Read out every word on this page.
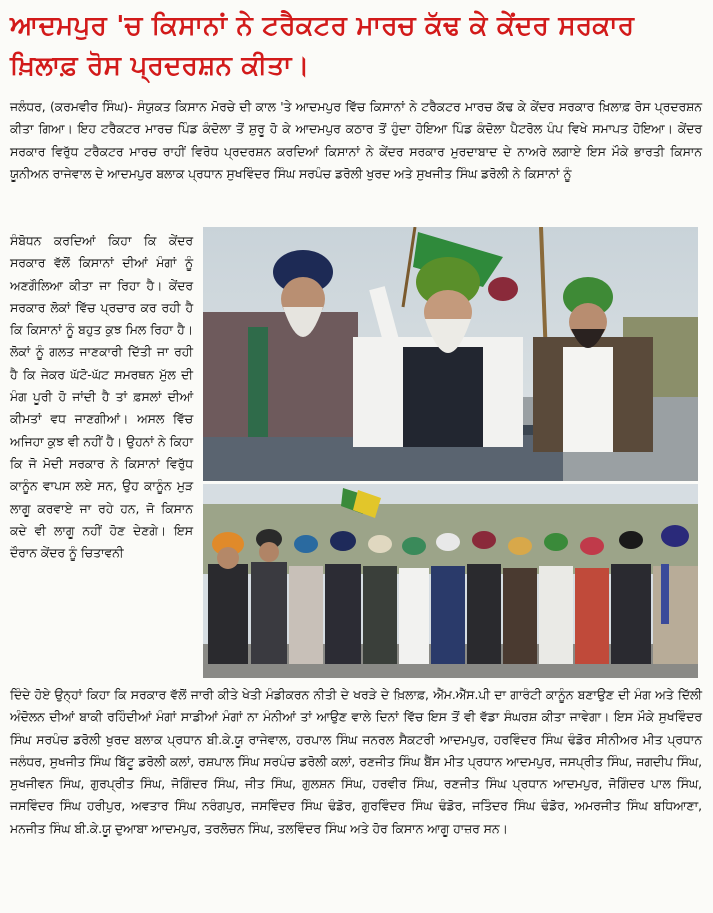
ਆਦਮਪੁਰ 'ਚ ਕਿਸਾਨਾਂ ਨੇ ਟਰੈਕਟਰ ਮਾਰਚ ਕੱਢ ਕੇ ਕੇਂਦਰ ਸਰਕਾਰ ਖ਼ਿਲਾਫ਼ ਰੋਸ ਪ੍ਰਦਰਸ਼ਨ ਕੀਤਾ।
ਜਲੰਧਰ, (ਕਰਮਵੀਰ ਸਿੰਘ)- ਸੰਯੁਕਤ ਕਿਸਾਨ ਮੋਰਚੇ ਦੀ ਕਾਲ 'ਤੇ ਆਦਮਪੁਰ ਵਿੱਚ ਕਿਸਾਨਾਂ ਨੇ ਟਰੈਕਟਰ ਮਾਰਚ ਕੱਢ ਕੇ ਕੇਂਦਰ ਸਰਕਾਰ ਖ਼ਿਲਾਫ਼ ਰੋਸ ਪ੍ਰਦਰਸ਼ਨ ਕੀਤਾ ਗਿਆ। ਇਹ ਟਰੈਕਟਰ ਮਾਰਚ ਪਿੰਡ ਕੰਦੋਲਾ ਤੋਂ ਸ਼ੁਰੂ ਹੋ ਕੇ ਆਦਮਪੁਰ ਕਠਾਰ ਤੋਂ ਹੁੰਦਾ ਹੋਇਆ ਪਿੰਡ ਕੰਦੋਲਾ ਪੈਟਰੋਲ ਪੰਪ ਵਿਖੇ ਸਮਾਪਤ ਹੋਇਆ। ਕੇਂਦਰ ਸਰਕਾਰ ਵਿਰੁੱਧ ਟਰੈਕਟਰ ਮਾਰਚ ਰਾਹੀਂ ਵਿਰੋਧ ਪ੍ਰਦਰਸ਼ਨ ਕਰਦਿਆਂ ਕਿਸਾਨਾਂ ਨੇ ਕੇਂਦਰ ਸਰਕਾਰ ਮੁਰਦਾਬਾਦ ਦੇ ਨਾਅਰੇ ਲਗਾਏ ਇਸ ਮੌਕੇ ਭਾਰਤੀ ਕਿਸਾਨ ਯੂਨੀਅਨ ਰਾਜੇਵਾਲ ਦੇ ਆਦਮਪੁਰ ਬਲਾਕ ਪ੍ਰਧਾਨ ਸੁਖਵਿੰਦਰ ਸਿੰਘ ਸਰਪੰਚ ਡਰੋਲੀ ਖੁਰਦ ਅਤੇ ਸੁਖਜੀਤ ਸਿੰਘ ਡਰੋਲੀ ਨੇ ਕਿਸਾਨਾਂ ਨੂੰ
ਸੰਬੋਧਨ ਕਰਦਿਆਂ ਕਿਹਾ ਕਿ ਕੇਂਦਰ ਸਰਕਾਰ ਵੱਲੋਂ ਕਿਸਾਨਾਂ ਦੀਆਂ ਮੰਗਾਂ ਨੂੰ ਅਣਗੌਲਿਆ ਕੀਤਾ ਜਾ ਰਿਹਾ ਹੈ। ਕੇਂਦਰ ਸਰਕਾਰ ਲੋਕਾਂ ਵਿੱਚ ਪ੍ਰਚਾਰ ਕਰ ਰਹੀ ਹੈ ਕਿ ਕਿਸਾਨਾਂ ਨੂੰ ਬਹੁਤ ਕੁਝ ਮਿਲ ਰਿਹਾ ਹੈ। ਲੋਕਾਂ ਨੂੰ ਗਲਤ ਜਾਣਕਾਰੀ ਦਿੱਤੀ ਜਾ ਰਹੀ ਹੈ ਕਿ ਜੇਕਰ ਘੱਟੋ-ਘੱਟ ਸਮਰਥਨ ਮੁੱਲ ਦੀ ਮੰਗ ਪੂਰੀ ਹੋ ਜਾਂਦੀ ਹੈ ਤਾਂ ਫ਼ਸਲਾਂ ਦੀਆਂ ਕੀਮਤਾਂ ਵਧ ਜਾਣਗੀਆਂ। ਅਸਲ ਵਿੱਚ ਅਜਿਹਾ ਕੁਝ ਵੀ ਨਹੀਂ ਹੈ। ਉਹਨਾਂ ਨੇ ਕਿਹਾ ਕਿ ਜੋ ਮੋਦੀ ਸਰਕਾਰ ਨੇ ਕਿਸਾਨਾਂ ਵਿਰੁੱਧ ਕਾਨੂੰਨ ਵਾਪਸ ਲਏ ਸਨ, ਉਹ ਕਾਨੂੰਨ ਮੁੜ ਲਾਗੂ ਕਰਵਾਏ ਜਾ ਰਹੇ ਹਨ, ਜੋ ਕਿਸਾਨ ਕਦੇ ਵੀ ਲਾਗੂ ਨਹੀਂ ਹੋਣ ਦੇਣਗੇ। ਇਸ ਦੌਰਾਨ ਕੇਂਦਰ ਨੂੰ ਚਿਤਾਵਨੀ
ਦਿੰਦੇ ਹੋਏ ਉਨ੍ਹਾਂ ਕਿਹਾ ਕਿ ਸਰਕਾਰ ਵੱਲੋਂ ਜਾਰੀ ਕੀਤੇ ਖੇਤੀ ਮੰਡੀਕਰਨ ਨੀਤੀ ਦੇ ਖਰੜੇ ਦੇ ਖ਼ਿਲਾਫ਼, ਐੱਮ.ਐੱਸ.ਪੀ ਦਾ ਗਾਰੰਟੀ ਕਾਨੂੰਨ ਬਣਾਉਣ ਦੀ ਮੰਗ ਅਤੇ ਦਿੱਲੀ ਅੰਦੋਲਨ ਦੀਆਂ ਬਾਕੀ ਰਹਿੰਦੀਆਂ ਮੰਗਾਂ ਸਾਡੀਆਂ ਮੰਗਾਂ ਨਾ ਮੰਨੀਆਂ ਤਾਂ ਆਉਣ ਵਾਲੇ ਦਿਨਾਂ ਵਿੱਚ ਇਸ ਤੋਂ ਵੀ ਵੱਡਾ ਸੰਘਰਸ਼ ਕੀਤਾ ਜਾਵੇਗਾ। ਇਸ ਮੌਕੇ ਸੁਖਵਿੰਦਰ ਸਿੰਘ ਸਰਪੰਚ ਡਰੋਲੀ ਖੁਰਦ ਬਲਾਕ ਪ੍ਰਧਾਨ ਬੀ.ਕੇ.ਯੂ ਰਾਜੇਵਾਲ, ਹਰਪਾਲ ਸਿੰਘ ਜਨਰਲ ਸੈਕਟਰੀ ਆਦਮਪੁਰ, ਹਰਵਿੰਦਰ ਸਿੰਘ ਢੰਡੋਰ ਸੀਨੀਅਰ ਮੀਤ ਪ੍ਰਧਾਨ ਜਲੰਧਰ, ਸੁਖਜੀਤ ਸਿੰਘ ਬਿੱਟੂ ਡਰੋਲੀ ਕਲਾਂ, ਰਸ਼ਪਾਲ ਸਿੰਘ ਸਰਪੰਚ ਡਰੋਲੀ ਕਲਾਂ, ਰਣਜੀਤ ਸਿੰਘ ਬੈਂਸ ਮੀਤ ਪ੍ਰਧਾਨ ਆਦਮਪੁਰ, ਜਸਪ੍ਰੀਤ ਸਿੰਘ, ਜਗਦੀਪ ਸਿੰਘ, ਸੁਖਜੀਵਨ ਸਿੰਘ, ਗੁਰਪ੍ਰੀਤ ਸਿੰਘ, ਜੋਗਿੰਦਰ ਸਿੰਘ, ਜੀਤ ਸਿੰਘ, ਗੁਲਸ਼ਨ ਸਿੰਘ, ਹਰਵੀਰ ਸਿੰਘ, ਰਣਜੀਤ ਸਿੰਘ ਪ੍ਰਧਾਨ ਆਦਮਪੁਰ, ਜੋਗਿੰਦਰ ਪਾਲ ਸਿੰਘ, ਜਸਵਿੰਦਰ ਸਿੰਘ ਹਰੀਪੁਰ, ਅਵਤਾਰ ਸਿੰਘ ਨਰੰਗਪੁਰ, ਜਸਵਿੰਦਰ ਸਿੰਘ ਢੰਡੋਰ, ਗੁਰਵਿੰਦਰ ਸਿੰਘ ਢੰਡੋਰ, ਜਤਿੰਦਰ ਸਿੰਘ ਢੰਡੋਰ, ਅਮਰਜੀਤ ਸਿੰਘ ਬਧਿਆਣਾ, ਮਨਜੀਤ ਸਿੰਘ ਬੀ.ਕੇ.ਯੂ ਦੁਆਬਾ ਆਦਮਪੁਰ, ਤਰਲੋਚਨ ਸਿੰਘ, ਤਲਵਿੰਦਰ ਸਿੰਘ ਅਤੇ ਹੋਰ ਕਿਸਾਨ ਆਗੂ ਹਾਜ਼ਰ ਸਨ।
